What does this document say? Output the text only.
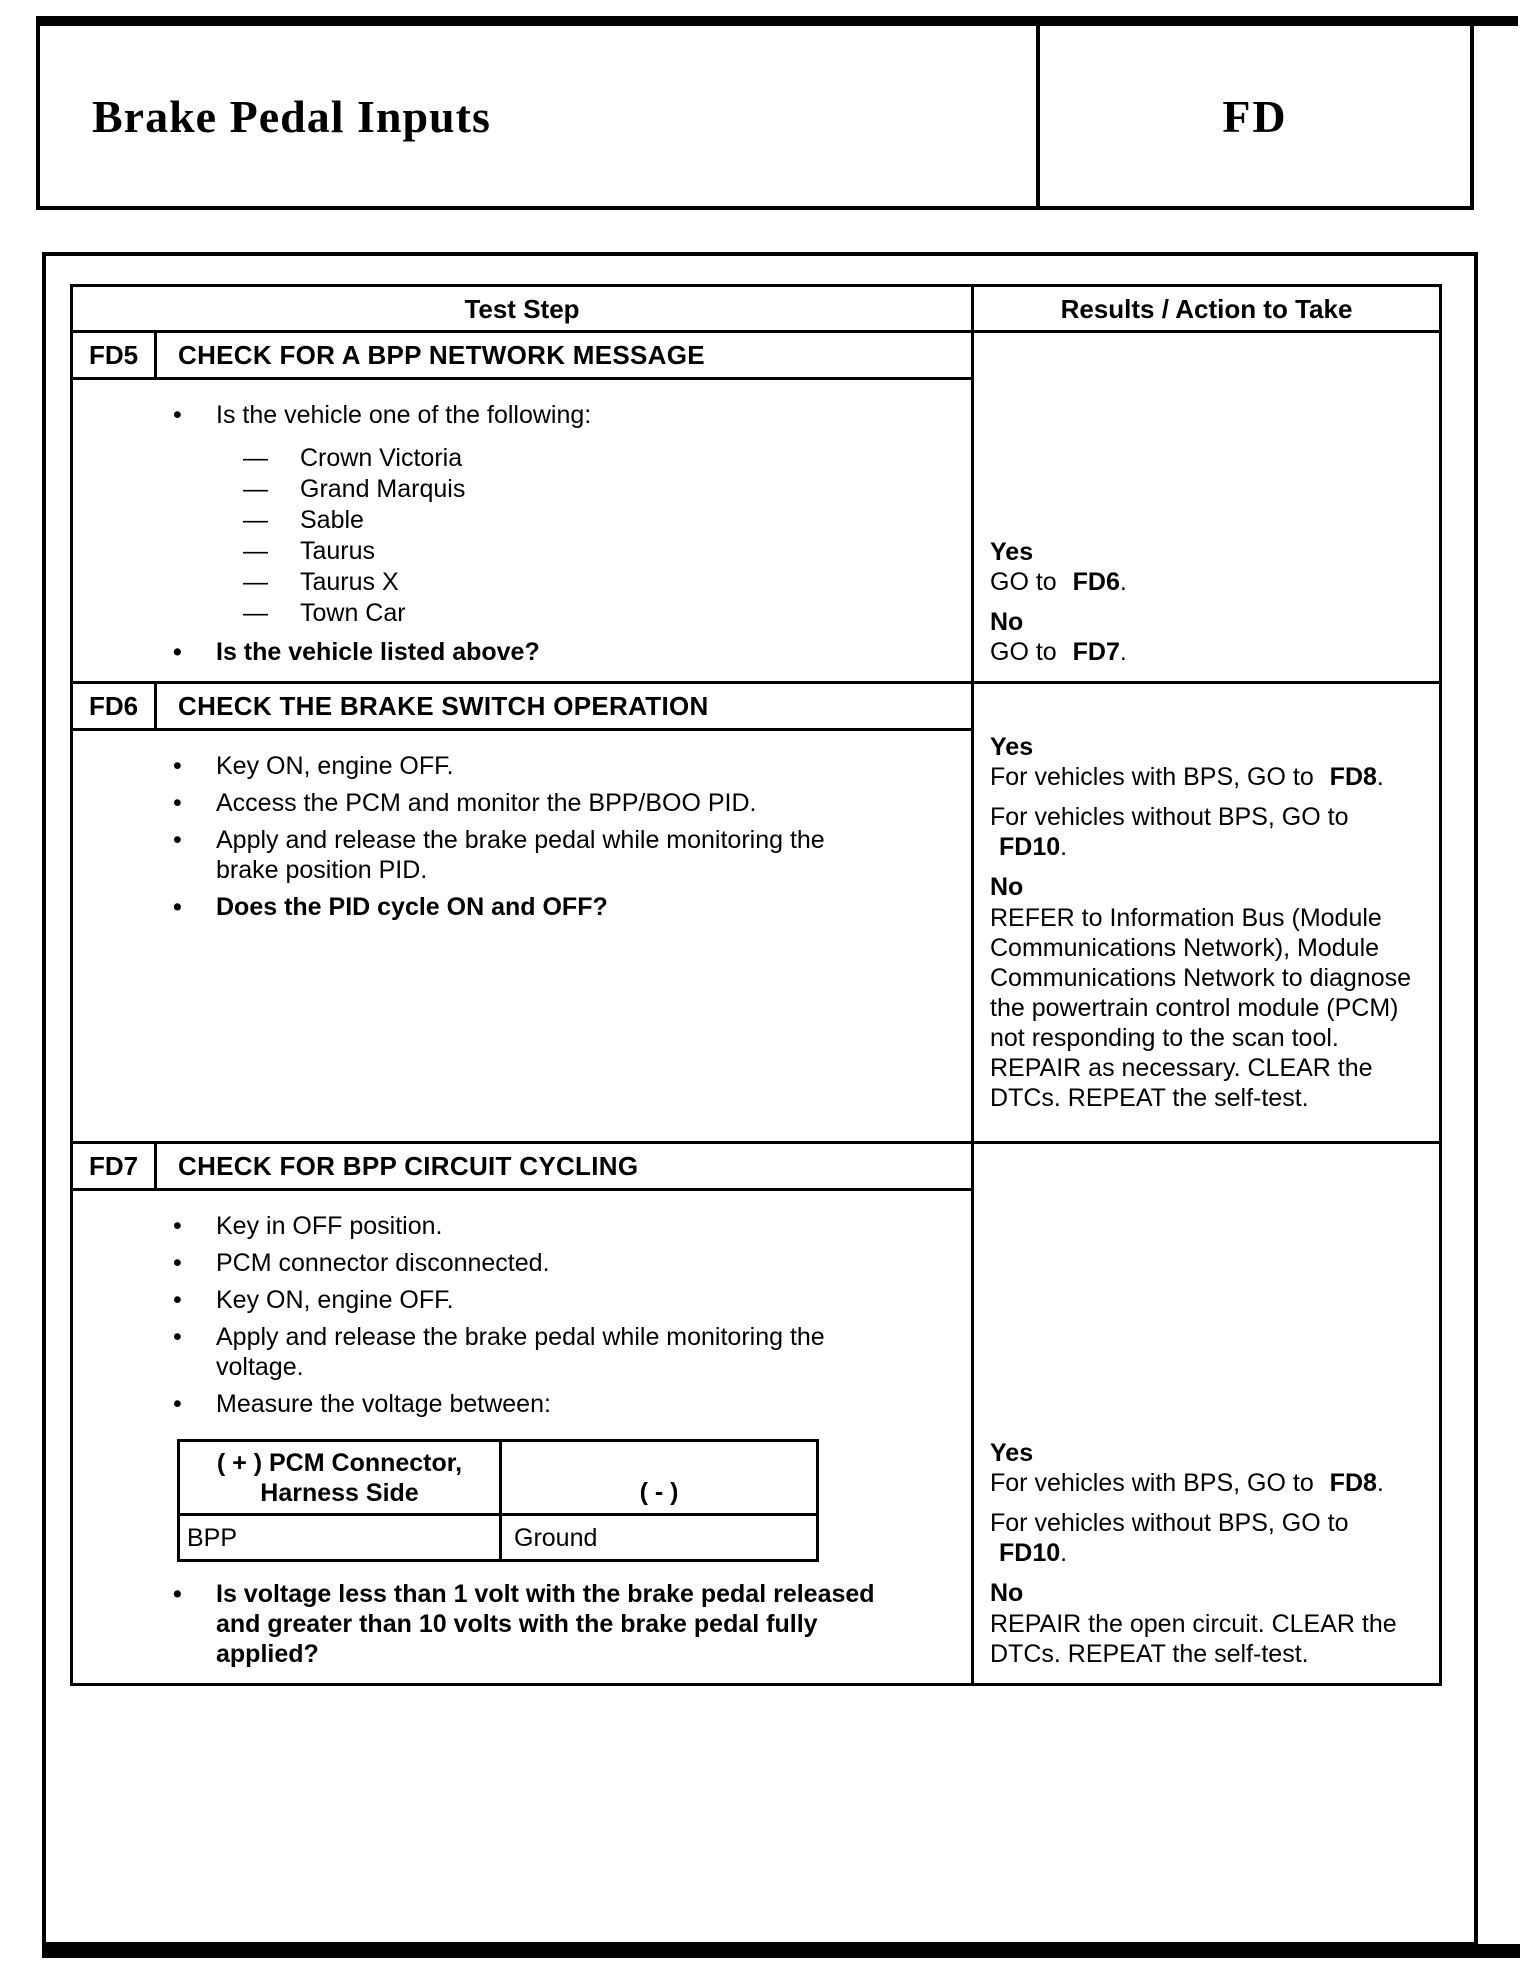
Brake Pedal Inputs	FD
Test Step	Results / Action to Take
FD5	CHECK FOR A BPP NETWORK MESSAGE
•	Is the vehicle one of the following:
—	Crown Victoria
—	Grand Marquis
—	Sable
—	Taurus
—	Taurus X
—	Town Car
•	Is the vehicle listed above?
Yes
GO to FD6.
No
GO to FD7.
FD6	CHECK THE BRAKE SWITCH OPERATION
•	Key ON, engine OFF.
•	Access the PCM and monitor the BPP/BOO PID.
•	Apply and release the brake pedal while monitoring the brake position PID.
•	Does the PID cycle ON and OFF?
Yes
For vehicles with BPS, GO to FD8.
For vehicles without BPS, GO to FD10.
No
REFER to Information Bus (Module Communications Network), Module Communications Network to diagnose the powertrain control module (PCM) not responding to the scan tool. REPAIR as necessary. CLEAR the DTCs. REPEAT the self-test.
FD7	CHECK FOR BPP CIRCUIT CYCLING
•	Key in OFF position.
•	PCM connector disconnected.
•	Key ON, engine OFF.
•	Apply and release the brake pedal while monitoring the voltage.
•	Measure the voltage between:
( + ) PCM Connector, Harness Side	( - )
BPP	Ground
•	Is voltage less than 1 volt with the brake pedal released and greater than 10 volts with the brake pedal fully applied?
Yes
For vehicles with BPS, GO to FD8.
For vehicles without BPS, GO to FD10.
No
REPAIR the open circuit. CLEAR the DTCs. REPEAT the self-test.
